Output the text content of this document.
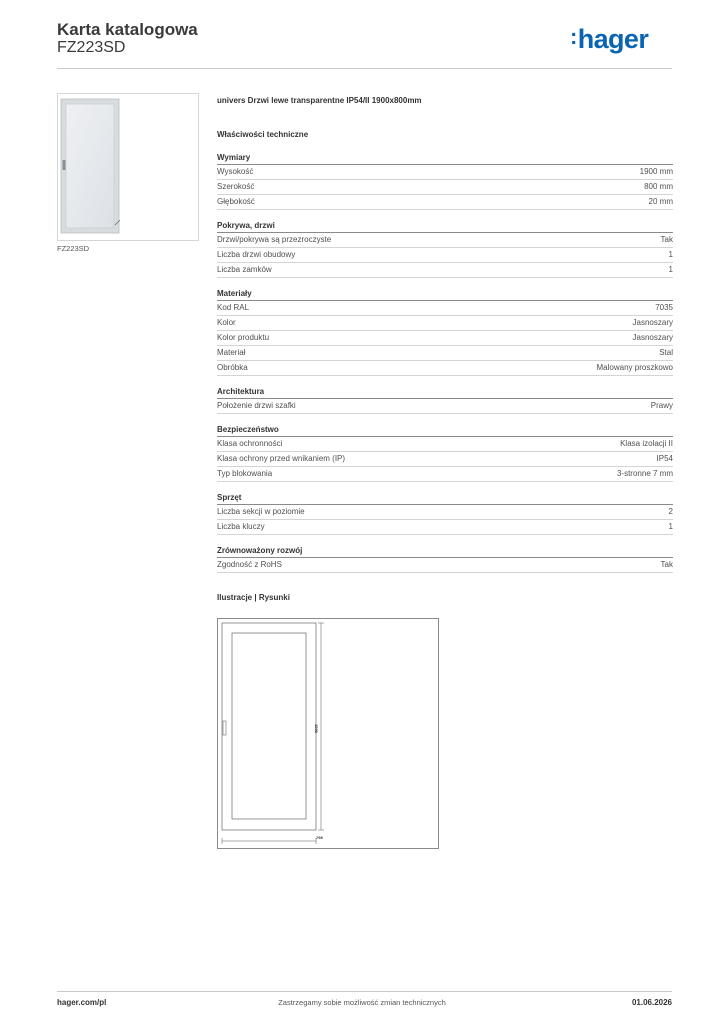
Karta katalogowa
FZ223SD	:hager
FZ223SD
univers Drzwi lewe transparentne IP54/II 1900x800mm
Właściwości techniczne
Wymiary
Wysokość	1900 mm
Szerokość	800 mm
Głębokość	20 mm
Pokrywa, drzwi
Drzwi/pokrywa są przezroczyste	Tak
Liczba drzwi obudowy	1
Liczba zamków	1
Materiały
Kod RAL	7035
Kolor	Jasnoszary
Kolor produktu	Jasnoszary
Materiał	Stal
Obróbka	Malowany proszkowo
Architektura
Położenie drzwi szafki	Prawy
Bezpieczeństwo
Klasa ochronności	Klasa izolacji II
Klasa ochrony przed wnikaniem (IP)	IP54
Typ blokowania	3-stronne 7 mm
Sprzęt
Liczba sekcji w poziomie	2
Liczba kluczy	1
Zrównoważony rozwój
Zgodność z RoHS	Tak
Ilustracje | Rysunki
798
1898
hager.com/pl	Zastrzegamy sobie możliwość zmian technicznych	01.06.2026
